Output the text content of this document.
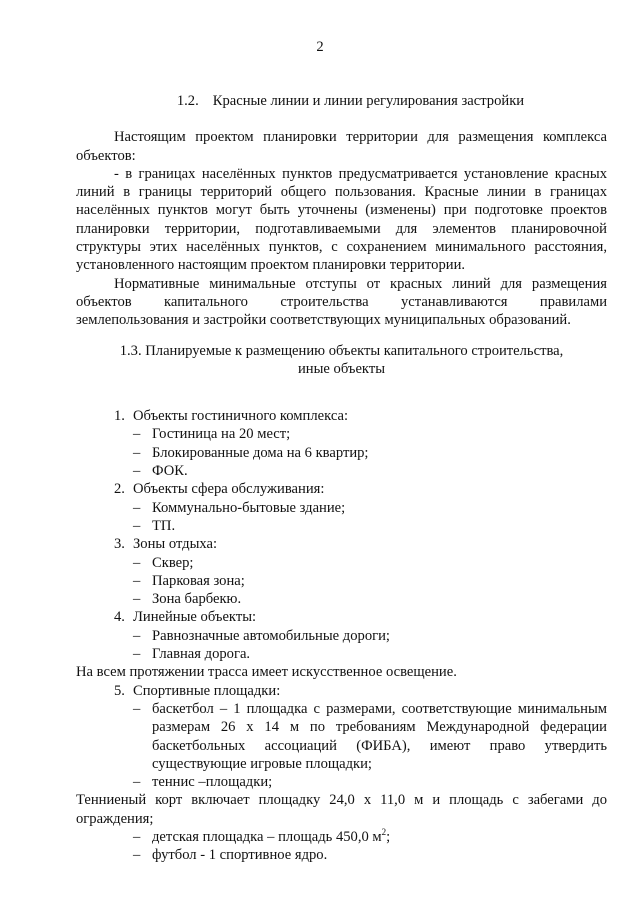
2
1.2. Красные линии и линии регулирования застройки

Настоящим проектом планировки территории для размещения комплекса объектов:

- в границах населённых пунктов предусматривается установление красных линий в границы территорий общего пользования. Красные линии в границах населённых пунктов могут быть уточнены (изменены) при подготовке проектов планировки территории, подготавливаемыми для элементов планировочной структуры этих населённых пунктов, с сохранением минимального расстояния, установленного настоящим проектом планировки территории.

Нормативные минимальные отступы от красных линий для размещения объектов капитального строительства устанавливаются правилами землепользования и застройки соответствующих муниципальных образований.

1.3. Планируемые к размещению объекты капитального строительства,
иные объекты
1. Объекты гостиничного комплекса:
– Гостиница на 20 мест;
– Блокированные дома на 6 квартир;
– ФОК.
2. Объекты сфера обслуживания:
– Коммунально-бытовые здание;
– ТП.
3. Зоны отдыха:
– Сквер;
– Парковая зона;
– Зона барбекю.
4. Линейные объекты:
– Равнозначные автомобильные дороги;
– Главная дорога.

На всем протяжении трасса имеет искусственное освещение.

5. Спортивные площадки:
– баскетбол – 1 площадка с размерами, соответствующие минимальным размерам 26 х 14 м по требованиям Международной федерации баскетбольных ассоциаций (ФИБА), имеют право утвердить существующие игровые площадки;
– теннис –площадки;

Тенниеный корт включает площадку 24,0 х 11,0 м и площадь с забегами до ограждения;

– детская площадка – площадь 450,0 $м^2$;
– футбол - 1 спортивное ядро.
